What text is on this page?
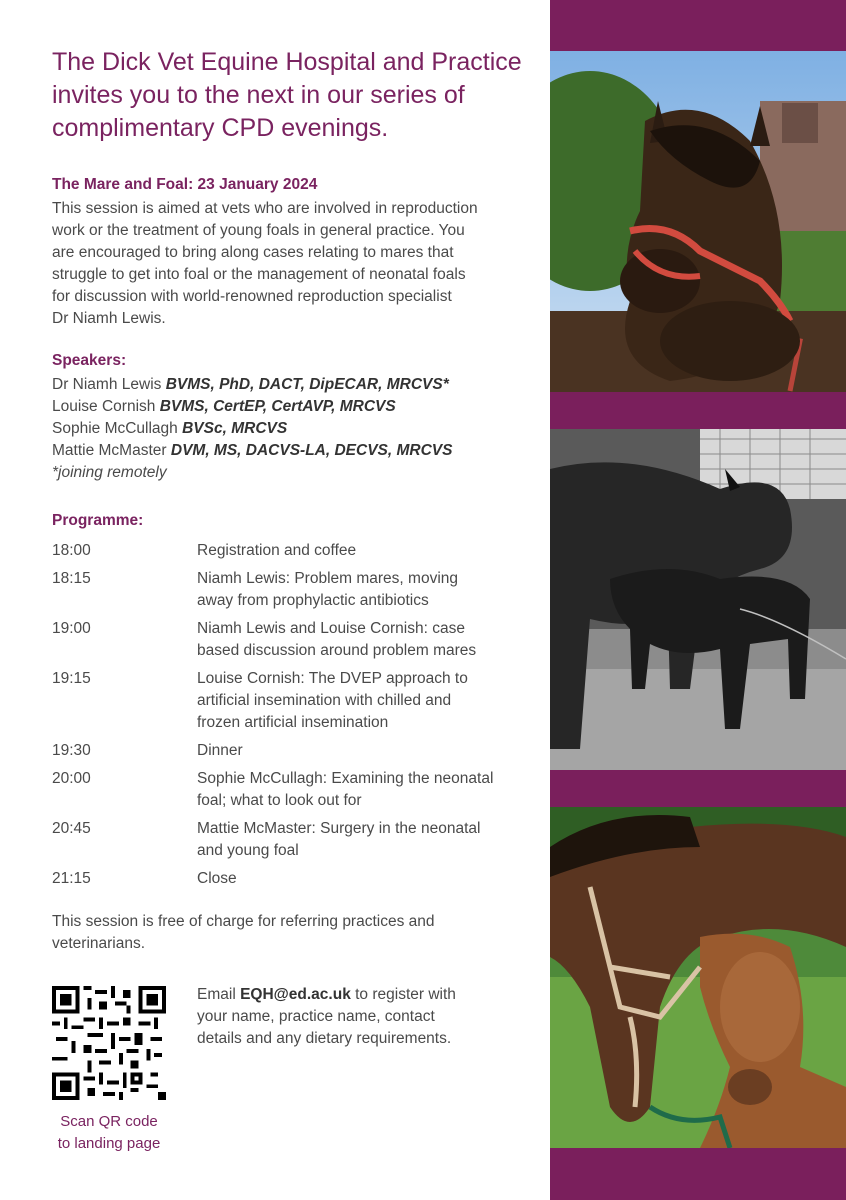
The Dick Vet Equine Hospital and Practice
invites you to the next in our series of
complimentary CPD evenings.

The Mare and Foal: 23 January 2024

This session is aimed at vets who are involved in reproduction
work or the treatment of young foals in general practice. You
are encouraged to bring along cases relating to mares that
struggle to get into foal or the management of neonatal foals
for discussion with world-renowned reproduction specialist
Dr Niamh Lewis.

Speakers:

Dr Niamh Lewis BVMS, PhD, DACT, DipECAR, MRCVS*
Louise Cornish BVMS, CertEP, CertAVP, MRCVS
Sophie McCullagh BVSc, MRCVS
Mattie McMaster DVM, MS, DACVS-LA, DECVS, MRCVS
*joining remotely
Programme:
18:00	Registration and coffee
18:15	Niamh Lewis: Problem mares, moving
away from prophylactic antibiotics
19:00	Niamh Lewis and Louise Cornish: case
based discussion around problem mares
19:15	Louise Cornish: The DVEP approach to
artificial insemination with chilled and
frozen artificial insemination
19:30	Dinner
20:00	Sophie McCullagh: Examining the neonatal
foal; what to look out for
20:45	Mattie McMaster: Surgery in the neonatal
and young foal
21:15	Close

This session is free of charge for referring practices and
veterinarians.

Scan QR code
to landing page
Email EQH@ed.ac.uk to register with
your name, practice name, contact
details and any dietary requirements.
